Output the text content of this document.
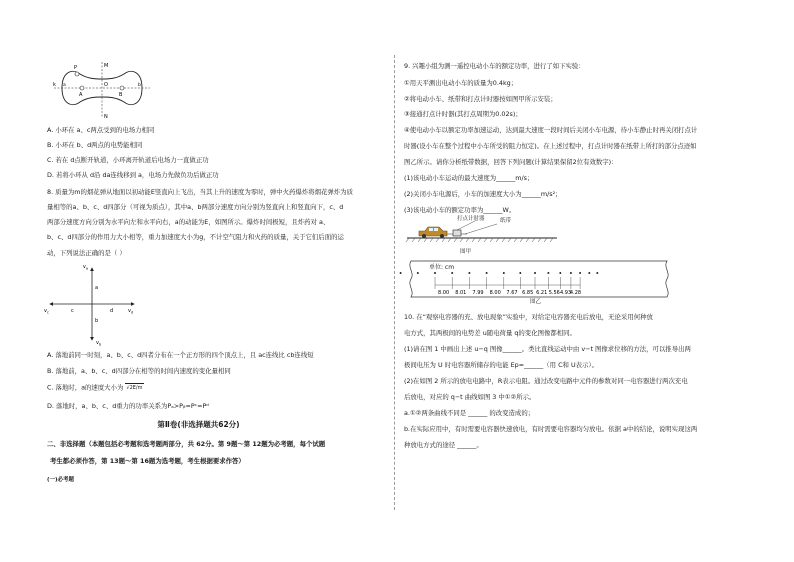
P	M
O
k
A	B
N
a	b
A. 小环在 a、c两点受到的电场力相同
B. 小环在 b、d两点的电势能相同
C. 若在 d点断开轨道，小环离开轨道后电场力一直做正功
D. 若将小环从 d沿 da连线移到 a，电场力先做负功后做正功
8. 质量为m的烟花弹从地面以初动能E竖直向上飞出，当其上升的速度为零时，弹中火药爆炸将烟花弹炸为质
量相等的a、b、c、d四部分（可视为质点），其中a、b两部分速度方向分别为竖直向上和竖直向下，c、d
两部分速度方向分别为水平向左和水平向右，a的动能为E，如图所示。爆炸时间极短，且炸药对 a、
b、c、d四部分的作用力大小相等，重力加速度大小为g，不计空气阻力和火药的质量，关于它们后面的运
动，下列说法正确的是（ ）
$v_a$
$v_b$
$v_c$	$v_d$
a
b
c	d
A. 落地前同一时刻，a、b、c、d四者分布在一个正方形的四个顶点上，且 ac连线比 cb连线短
B. 落地前，a、b、c、d四部分在相等的时间内速度的变化量相同
C. 落地时，a的速度大小为 √2E/m
D. 落地时，a、b、c、d重力的功率关系为Pₐ>Pᵦ=Pᶜ=Pᵈ
第Ⅱ卷(非选择题共62分)
二、非选择题（本题包括必考题和选考题两部分，共 62分。第 9题～第 12题为必考题，每个试题
考生都必须作答，第 13题～第 16题为选考题，考生根据要求作答）
(一)必考题
9. 兴趣小组为测一遥控电动小车的额定功率，进行了如下实验：
①用天平测出电动小车的质量为0.4kg；
②将电动小车、纸带和打点计时器按如图甲所示安装；
③接通打点计时器(其打点周期为0.02s)；
④使电动小车以额定功率加速运动，达到最大速度一段时间后关闭小车电源，待小车静止时再关闭打点计
时器(设小车在整个过程中小车所受的阻力恒定)。在上述过程中，打点计时器在纸带上所打的部分点迹如
图乙所示。请你分析纸带数据，回答下列问题(计算结果保留2位有效数字)：
(1)该电动小车运动的最大速度为______m/s；
(2)关闭小车电源后，小车的加速度大小为______m/s²；
(3)该电动小车的额定功率为______W。
打点计时器	纸带
图甲
8.00 8.01 7.99 8.00 7.67 6.85 6.21 5.56 4.93
4.28
单位: cm
图乙
10. 在“观察电容器的充、放电现象”实验中，对给定电容器充电后放电，无论采用何种放
电方式，其两极间的电势差 u随电荷量 q的变化图像都相同。
(1)请在图 1 中画出上述 u−q 图像______。类比直线运动中由 v−t 图像求位移的方法，可以推导出两
极间电压为 U 时电容器所储存的电能 Ep=______（用 C和 U表示）。
(2)在如图 2 所示的放电电路中，R表示电阻。通过改变电路中元件的参数对同一电容器进行两次充电
后放电，对应的 q−t 曲线如图 3 中①②所示。
a.①②两条曲线不同是 ______ 的改变造成的；
b.在实际应用中，有时需要电容器快速放电，有时需要电容器均匀放电。依据 a中的结论，说明实现这两
种放电方式的途径 ______。
